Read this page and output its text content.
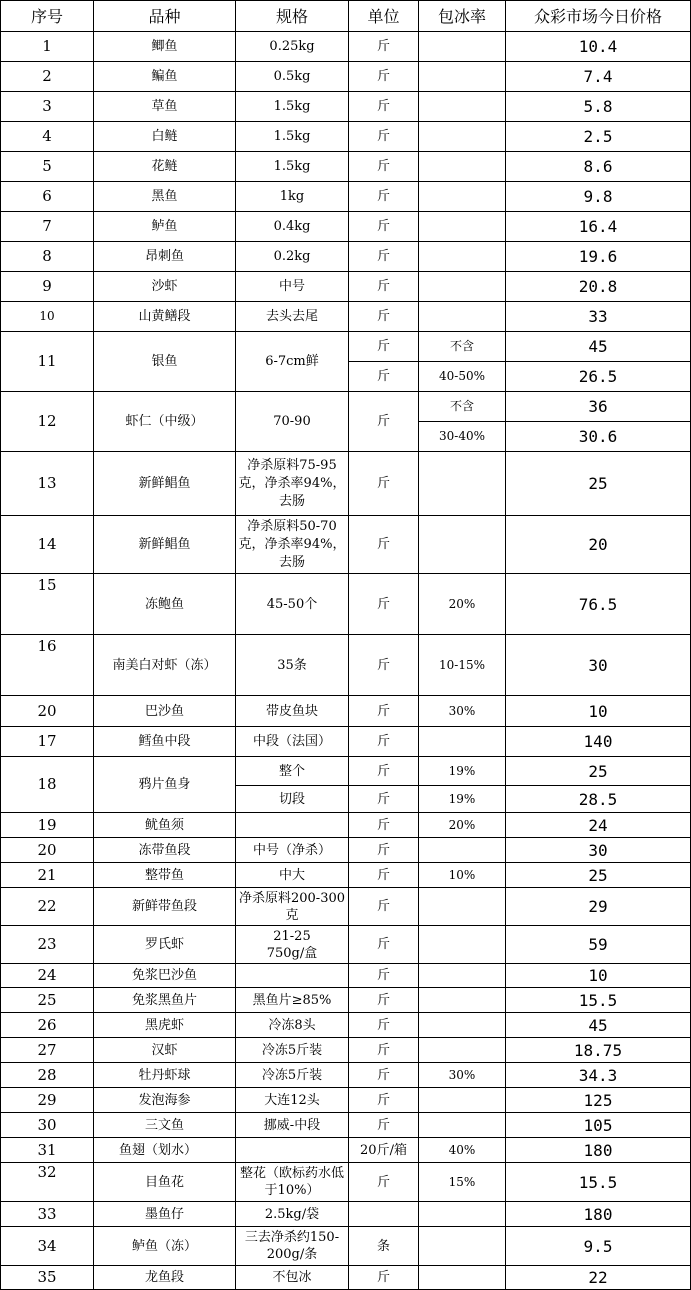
序号	品种	规格	单位	包冰率	众彩市场今日价格
1	鲫鱼	0.25kg	斤		10.4
2	鳊鱼	0.5kg	斤		7.4
3	草鱼	1.5kg	斤		5.8
4	白鲢	1.5kg	斤		2.5
5	花鲢	1.5kg	斤		8.6
6	黑鱼	1kg	斤		9.8
7	鲈鱼	0.4kg	斤		16.4
8	昂刺鱼	0.2kg	斤		19.6
9	沙虾	中号	斤		20.8
10	山黄鳝段	去头去尾	斤		33
11	银鱼	6-7cm鲜	斤	不含	45
			斤	40-50%	26.5
12	虾仁（中级）	70-90	斤	不含	36
				30-40%	30.6
13	新鲜鲳鱼	净杀原料75-95克，净杀率94%，去肠	斤		25
14	新鲜鲳鱼	净杀原料50-70克，净杀率94%，去肠	斤		20
15	冻鲍鱼	45-50个	斤	20%	76.5
16	南美白对虾（冻）	35条	斤	10-15%	30
20	巴沙鱼	带皮鱼块	斤	30%	10
17	鳕鱼中段	中段（法国）	斤		140
18	鸦片鱼身	整个	斤	19%	25
		切段	斤	19%	28.5
19	鱿鱼须		斤	20%	24
20	冻带鱼段	中号（净杀）	斤		30
21	整带鱼	中大	斤	10%	25
22	新鲜带鱼段	净杀原料200-300克	斤		29
23	罗氏虾	21-25 750g/盒	斤		59
24	免浆巴沙鱼		斤		10
25	免浆黑鱼片	黑鱼片≥85%	斤		15.5
26	黑虎虾	冷冻8头	斤		45
27	汉虾	冷冻5斤装	斤		18.75
28	牡丹虾球	冷冻5斤装	斤	30%	34.3
29	发泡海参	大连12头	斤		125
30	三文鱼	挪威-中段	斤		105
31	鱼翅（划水）		20斤/箱	40%	180
32	目鱼花	整花（欧标药水低于10%）	斤	15%	15.5
33	墨鱼仔	2.5kg/袋			180
34	鲈鱼（冻）	三去净杀约150-200g/条	条		9.5
35	龙鱼段	不包冰	斤		22
